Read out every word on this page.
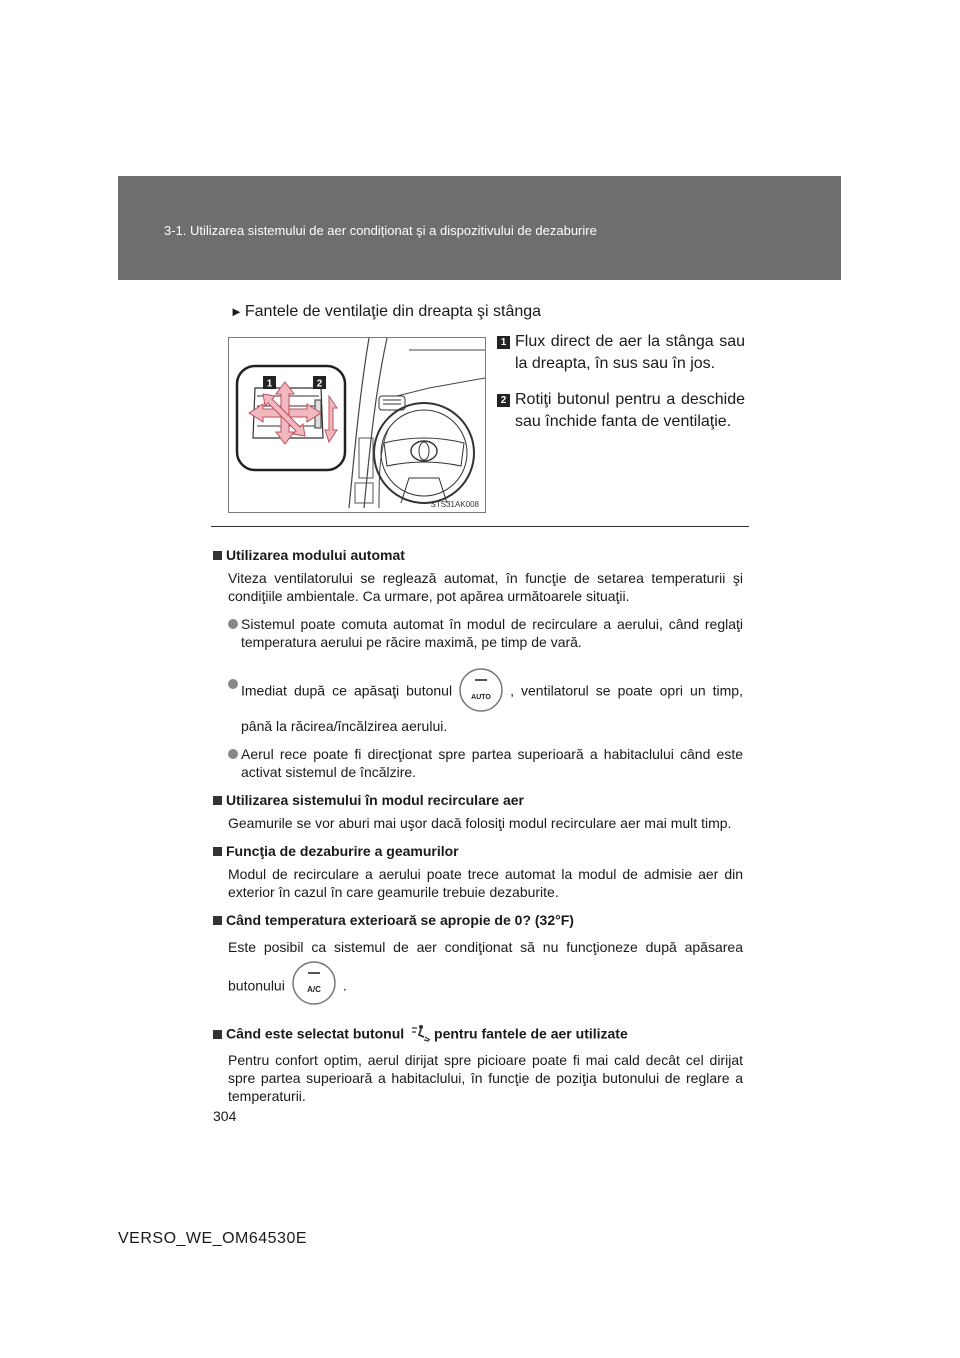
3-1. Utilizarea sistemului de aer condiționat şi a dispozitivului de dezaburire
► Fantele de ventilaţie din dreapta şi stânga
1	2
STS31AK008
1 Flux direct de aer la stânga sau la dreapta, în sus sau în jos.
2 Rotiţi butonul pentru a deschide sau închide fanta de ventilaţie.

Utilizarea modului automat

Viteza ventilatorului se reglează automat, în funcţie de setarea temperaturii şi condiţiile ambientale. Ca urmare, pot apărea următoarele situaţii.

Sistemul poate comuta automat în modul de recirculare a aerului, când reglaţi temperatura aerului pe răcire maximă, pe timp de vară.
Imediat după ce apăsaţi butonul	AUTO , ventilatorul se poate opri un timp, până la răcirea/încălzirea aerului.
Aerul rece poate fi direcţionat spre partea superioară a habitaclului când este activat sistemul de încălzire.

Utilizarea sistemului în modul recirculare aer

Geamurile se vor aburi mai uşor dacă folosiţi modul recirculare aer mai mult timp.

Funcţia de dezaburire a geamurilor

Modul de recirculare a aerului poate trece automat la modul de admisie aer din exterior în cazul în care geamurile trebuie dezaburite.

Când temperatura exterioară se apropie de 0? (32°F)

Este posibil ca sistemul de aer condiţionat să nu funcţioneze după apăsarea butonului	A/C .

Când este selectat butonul pentru fantele de aer utilizate

Pentru confort optim, aerul dirijat spre picioare poate fi mai cald decât cel dirijat spre partea superioară a habitaclului, în funcţie de poziţia butonului de reglare a temperaturii.

304
VERSO_WE_OM64530E
